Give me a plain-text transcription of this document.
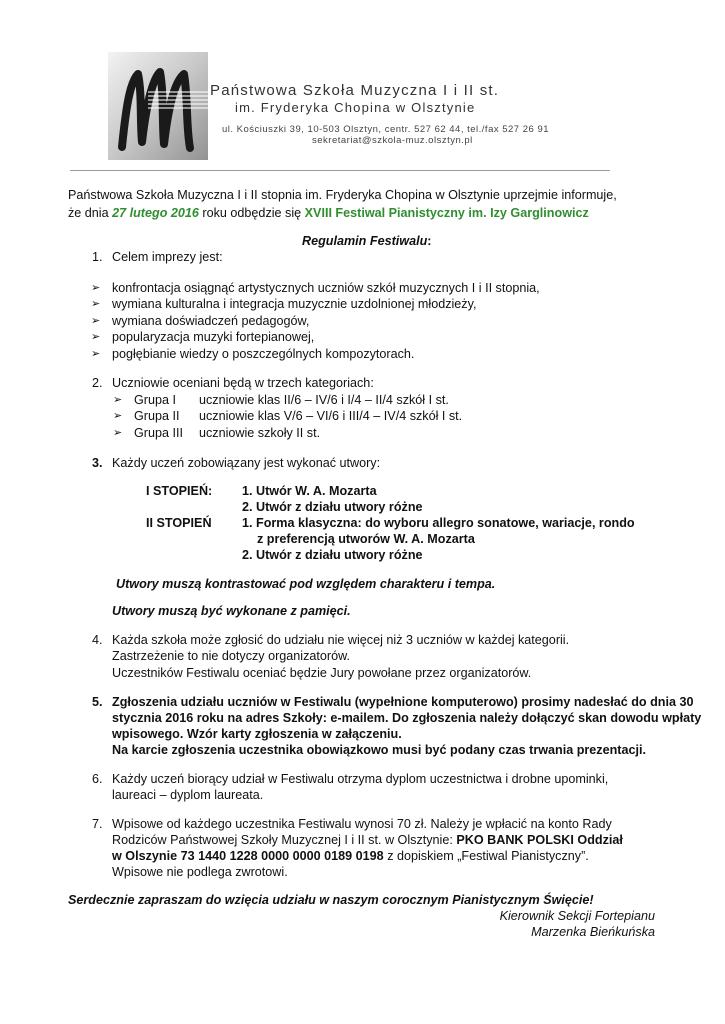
Państwowa Szkoła Muzyczna I i II st.
im. Fryderyka Chopina w Olsztynie
ul. Kościuszki 39, 10-503 Olsztyn, centr. 527 62 44, tel./fax 527 26 91
sekretariat@szkola-muz.olsztyn.pl
Państwowa Szkoła Muzyczna I i II stopnia im. Fryderyka Chopina w Olsztynie uprzejmie informuje,
że dnia 27 lutego 2016 roku odbędzie się XVIII Festiwal Pianistyczny im. Izy Garglinowicz
Regulamin Festiwalu:
1. Celem imprezy jest:
➢ konfrontacja osiągnąć artystycznych uczniów szkół muzycznych I i II stopnia,
➢ wymiana kulturalna i integracja muzycznie uzdolnionej młodzieży,
➢ wymiana doświadczeń pedagogów,
➢ popularyzacja muzyki fortepianowej,
➢ pogłębianie wiedzy o poszczególnych kompozytorach.
2. Uczniowie oceniani będą w trzech kategoriach:
➢ Grupa I uczniowie klas II/6 – IV/6 i I/4 – II/4 szkół I st.
➢ Grupa II uczniowie klas V/6 – VI/6 i III/4 – IV/4 szkół I st.
➢ Grupa III uczniowie szkoły II st.
3. Każdy uczeń zobowiązany jest wykonać utwory:
I STOPIEŃ: 1. Utwór W. A. Mozarta
2. Utwór z działu utwory różne
II STOPIEŃ 1. Forma klasyczna: do wyboru allegro sonatowe, wariacje, rondo
z preferencją utworów W. A. Mozarta
2. Utwór z działu utwory różne
Utwory muszą kontrastować pod względem charakteru i tempa.
Utwory muszą być wykonane z pamięci.
4. Każda szkoła może zgłosić do udziału nie więcej niż 3 uczniów w każdej kategorii.
Zastrzeżenie to nie dotyczy organizatorów.
Uczestników Festiwalu oceniać będzie Jury powołane przez organizatorów.
5. Zgłoszenia udziału uczniów w Festiwalu (wypełnione komputerowo) prosimy nadesłać do dnia 30
stycznia 2016 roku na adres Szkoły: e-mailem. Do zgłoszenia należy dołączyć skan dowodu wpłaty
wpisowego. Wzór karty zgłoszenia w załączeniu.
Na karcie zgłoszenia uczestnika obowiązkowo musi być podany czas trwania prezentacji.
6. Każdy uczeń biorący udział w Festiwalu otrzyma dyplom uczestnictwa i drobne upominki,
laureaci – dyplom laureata.
7. Wpisowe od każdego uczestnika Festiwalu wynosi 70 zł. Należy je wpłacić na konto Rady
Rodziców Państwowej Szkoły Muzycznej I i II st. w Olsztynie: PKO BANK POLSKI Oddział
w Olszynie 73 1440 1228 0000 0000 0189 0198 z dopiskiem „Festiwal Pianistyczny”.
Wpisowe nie podlega zwrotowi.
Serdecznie zapraszam do wzięcia udziału w naszym corocznym Pianistycznym Święcie!
Kierownik Sekcji Fortepianu
Marzenka Bieńkuńska
